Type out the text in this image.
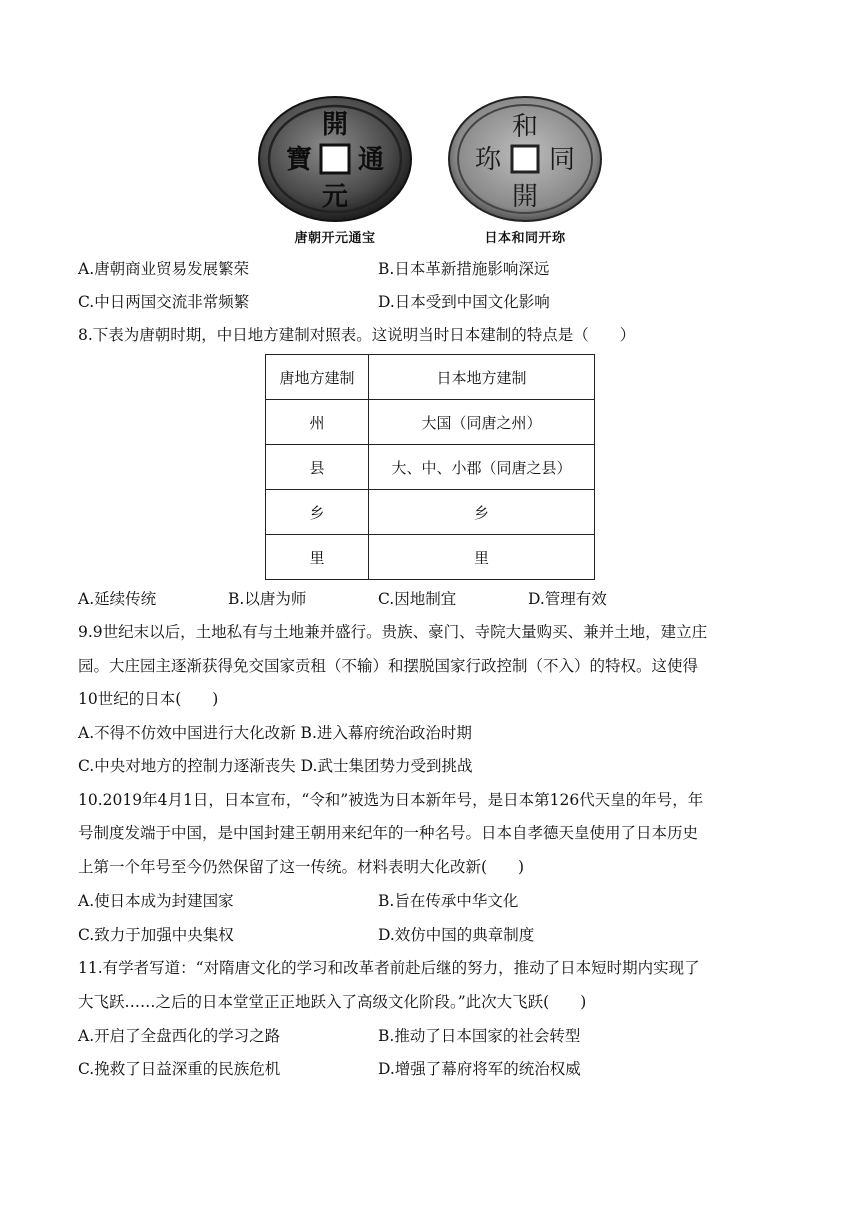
開
通
元
寶
唐朝开元通宝
和
同
開
珎
日本和同开珎
A.唐朝商业贸易发展繁荣	B.日本革新措施影响深远
C.中日两国交流非常频繁	D.日本受到中国文化影响
8.下表为唐朝时期，中日地方建制对照表。这说明当时日本建制的特点是（　　）
唐地方建制	日本地方建制
州	大国（同唐之州）
县	大、中、小郡（同唐之县）
乡	乡
里	里
A.延续传统	B.以唐为师	C.因地制宜	D.管理有效
9.9世纪末以后，土地私有与土地兼并盛行。贵族、豪门、寺院大量购买、兼并土地，建立庄
园。大庄园主逐渐获得免交国家贡租（不输）和摆脱国家行政控制（不入）的特权。这使得
10世纪的日本(　　)
A.不得不仿效中国进行大化改新 B.进入幕府统治政治时期
C.中央对地方的控制力逐渐丧失 D.武士集团势力受到挑战
10.2019年4月1日，日本宣布，“令和”被选为日本新年号，是日本第126代天皇的年号，年
号制度发端于中国，是中国封建王朝用来纪年的一种名号。日本自孝德天皇使用了日本历史
上第一个年号至今仍然保留了这一传统。材料表明大化改新(　　)
A.使日本成为封建国家	B.旨在传承中华文化
C.致力于加强中央集权	D.效仿中国的典章制度
11.有学者写道：“对隋唐文化的学习和改革者前赴后继的努力，推动了日本短时期内实现了
大飞跃……之后的日本堂堂正正地跃入了高级文化阶段。”此次大飞跃(　　)
A.开启了全盘西化的学习之路	B.推动了日本国家的社会转型
C.挽救了日益深重的民族危机	D.增强了幕府将军的统治权威
